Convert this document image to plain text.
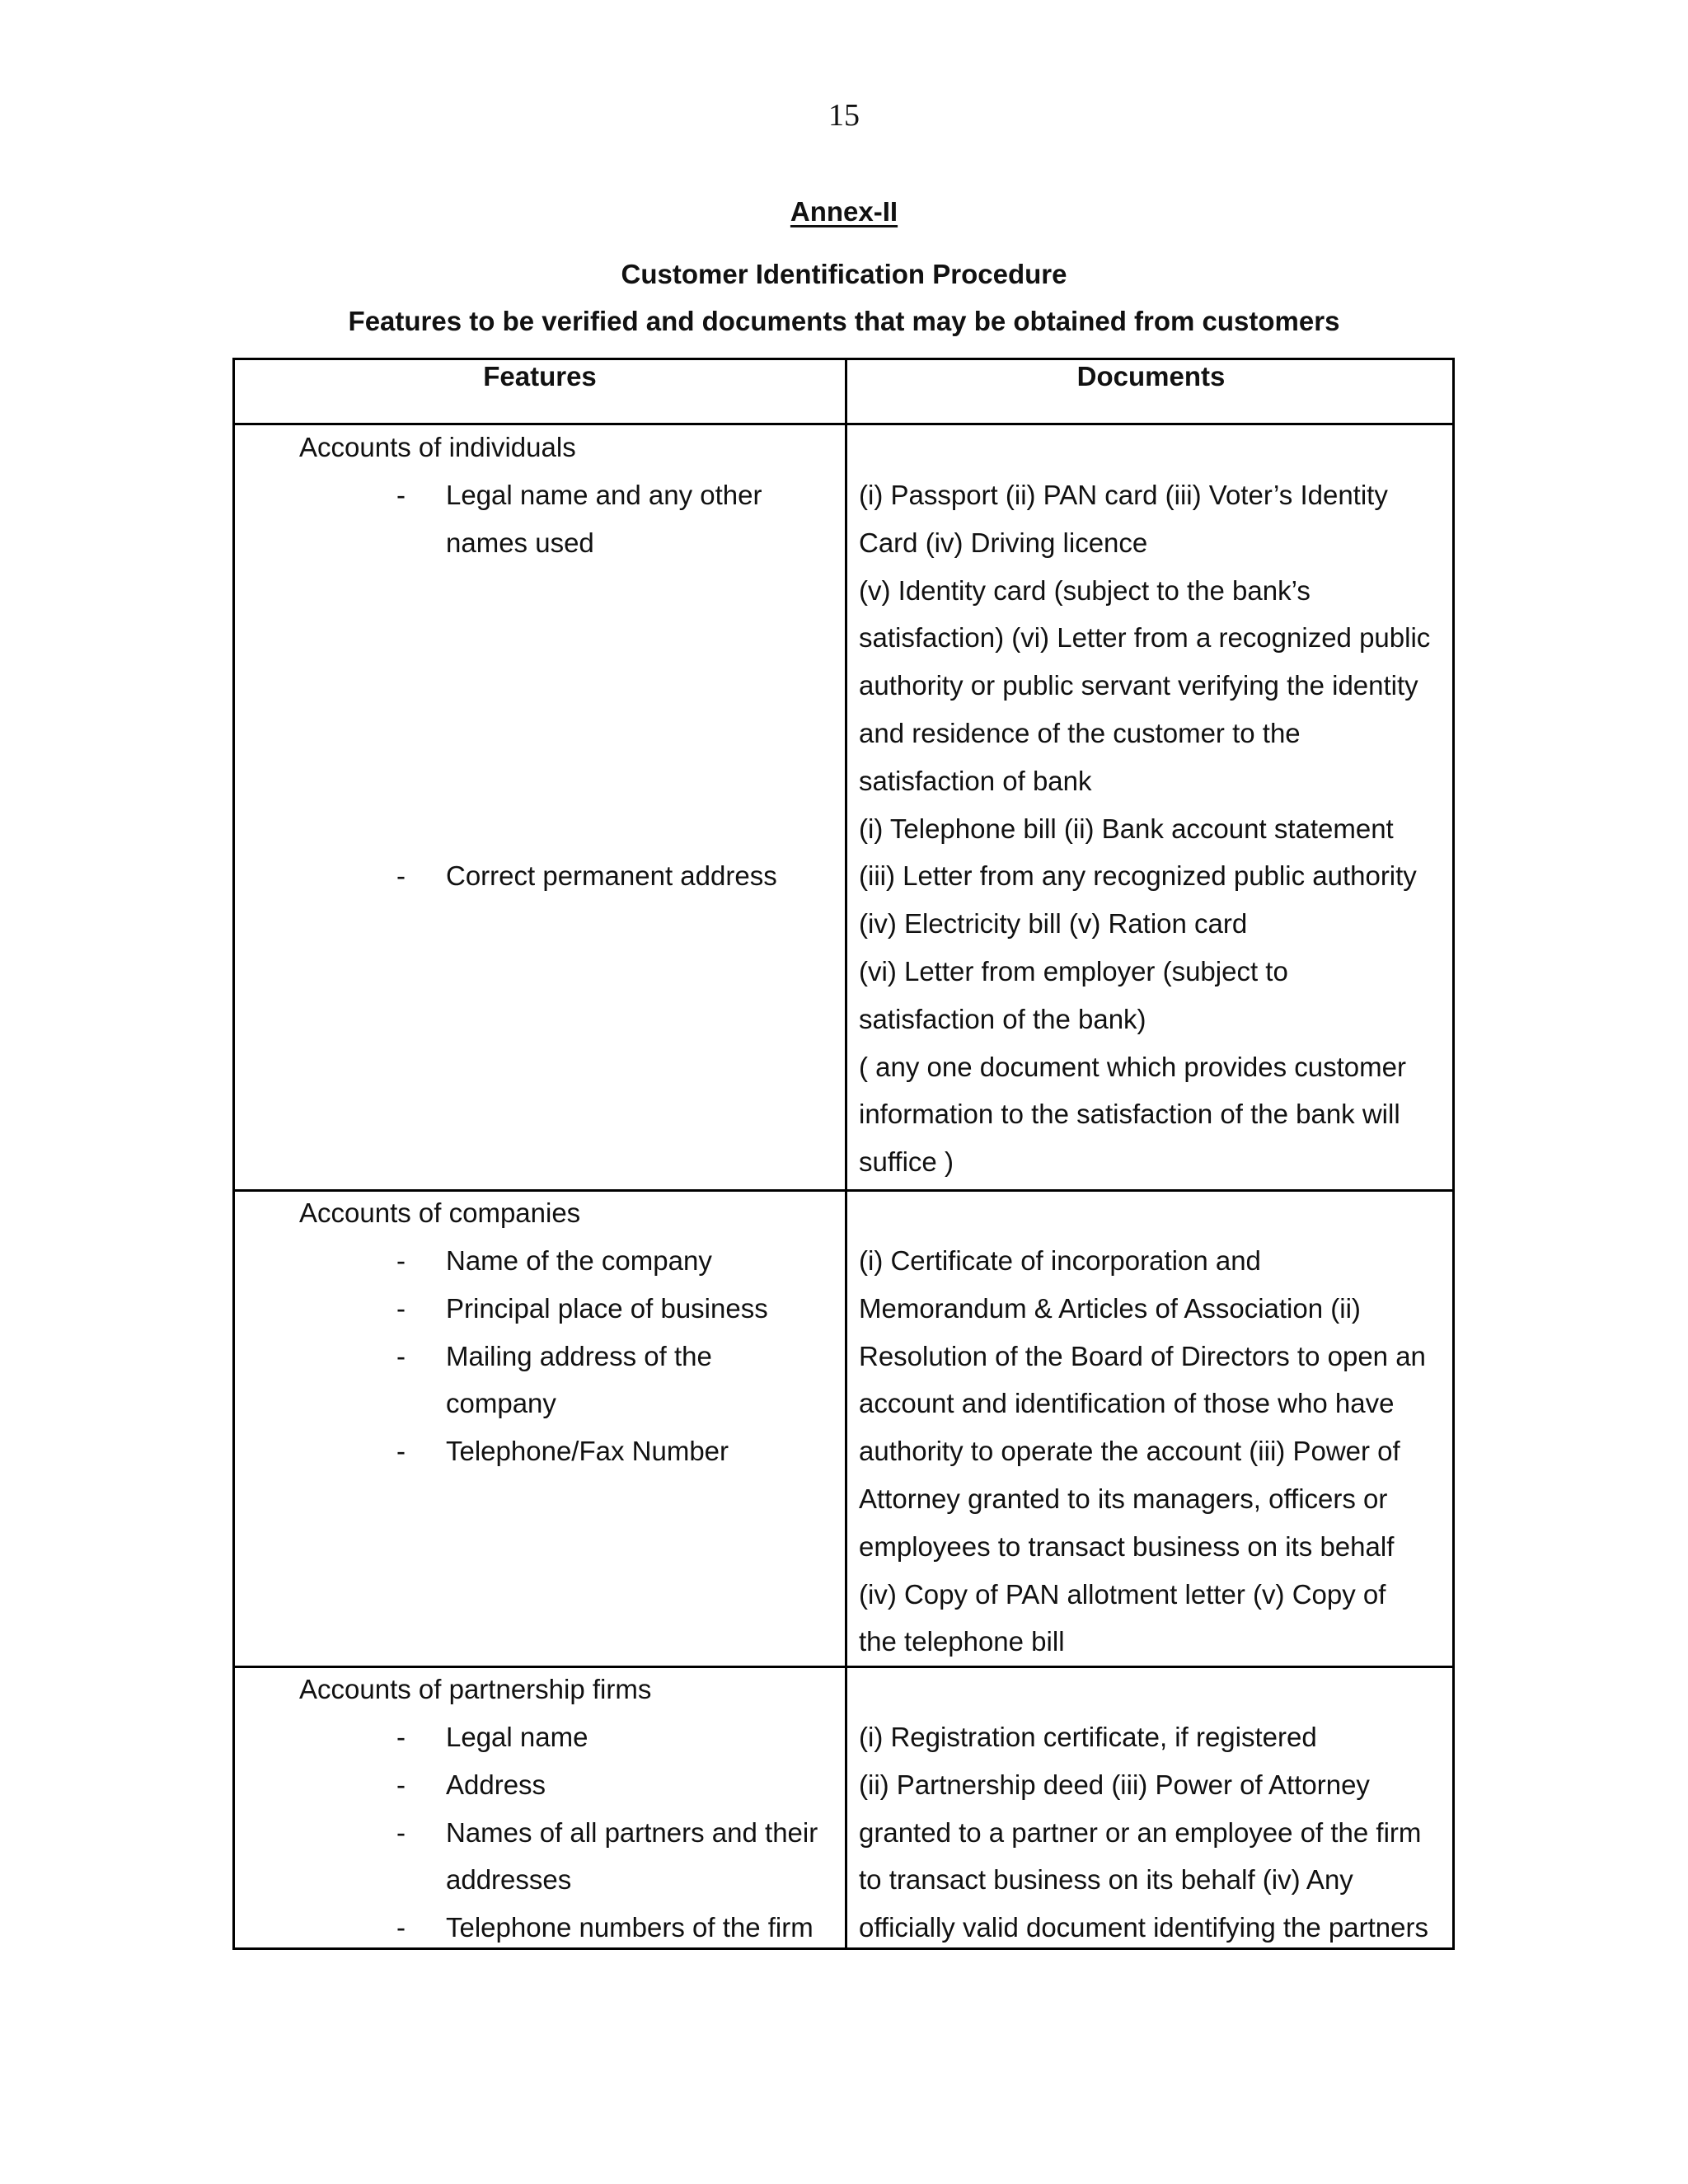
15
Annex-II
Customer Identification Procedure
Features to be verified and documents that may be obtained from customers
Features	Documents
Accounts of individuals
- Legal name and any other
names used
- Correct permanent address
(i) Passport (ii) PAN card (iii) Voter’s Identity
Card (iv) Driving licence
(v) Identity card (subject to the bank’s
satisfaction) (vi) Letter from a recognized public
authority or public servant verifying the identity
and residence of the customer to the
satisfaction of bank
(i) Telephone bill (ii) Bank account statement
(iii) Letter from any recognized public authority
(iv) Electricity bill (v) Ration card
(vi) Letter from employer (subject to
satisfaction of the bank)
( any one document which provides customer
information to the satisfaction of the bank will
suffice )
Accounts of companies
- Name of the company
- Principal place of business
- Mailing address of the
company
- Telephone/Fax Number
(i) Certificate of incorporation and
Memorandum & Articles of Association (ii)
Resolution of the Board of Directors to open an
account and identification of those who have
authority to operate the account (iii) Power of
Attorney granted to its managers, officers or
employees to transact business on its behalf
(iv) Copy of PAN allotment letter (v) Copy of
the telephone bill
Accounts of partnership firms
- Legal name
- Address
- Names of all partners and their
addresses
- Telephone numbers of the firm
(i) Registration certificate, if registered
(ii) Partnership deed (iii) Power of Attorney
granted to a partner or an employee of the firm
to transact business on its behalf (iv) Any
officially valid document identifying the partners
